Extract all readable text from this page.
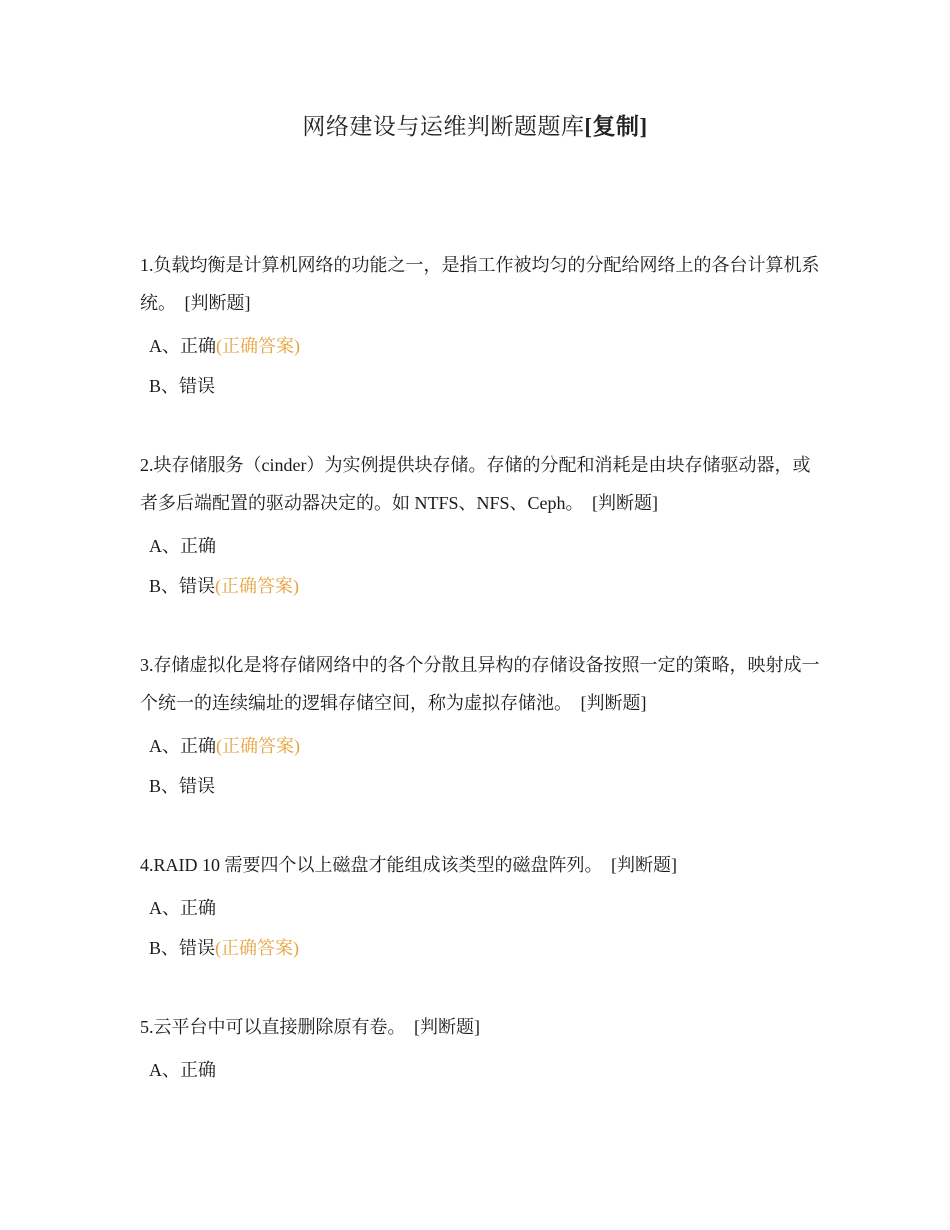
网络建设与运维判断题题库[复制]

1.负载均衡是计算机网络的功能之一，是指工作被均匀的分配给网络上的各台计算机系统。 [判断题]

A、正确(正确答案)
B、错误

2.块存储服务（cinder）为实例提供块存储。存储的分配和消耗是由块存储驱动器，或者多后端配置的驱动器决定的。如 NTFS、NFS、Ceph。 [判断题]

A、正确
B、错误(正确答案)

3.存储虚拟化是将存储网络中的各个分散且异构的存储设备按照一定的策略，映射成一个统一的连续编址的逻辑存储空间，称为虚拟存储池。 [判断题]

A、正确(正确答案)
B、错误

4.RAID 10 需要四个以上磁盘才能组成该类型的磁盘阵列。 [判断题]

A、正确
B、错误(正确答案)

5.云平台中可以直接删除原有卷。 [判断题]

A、正确
